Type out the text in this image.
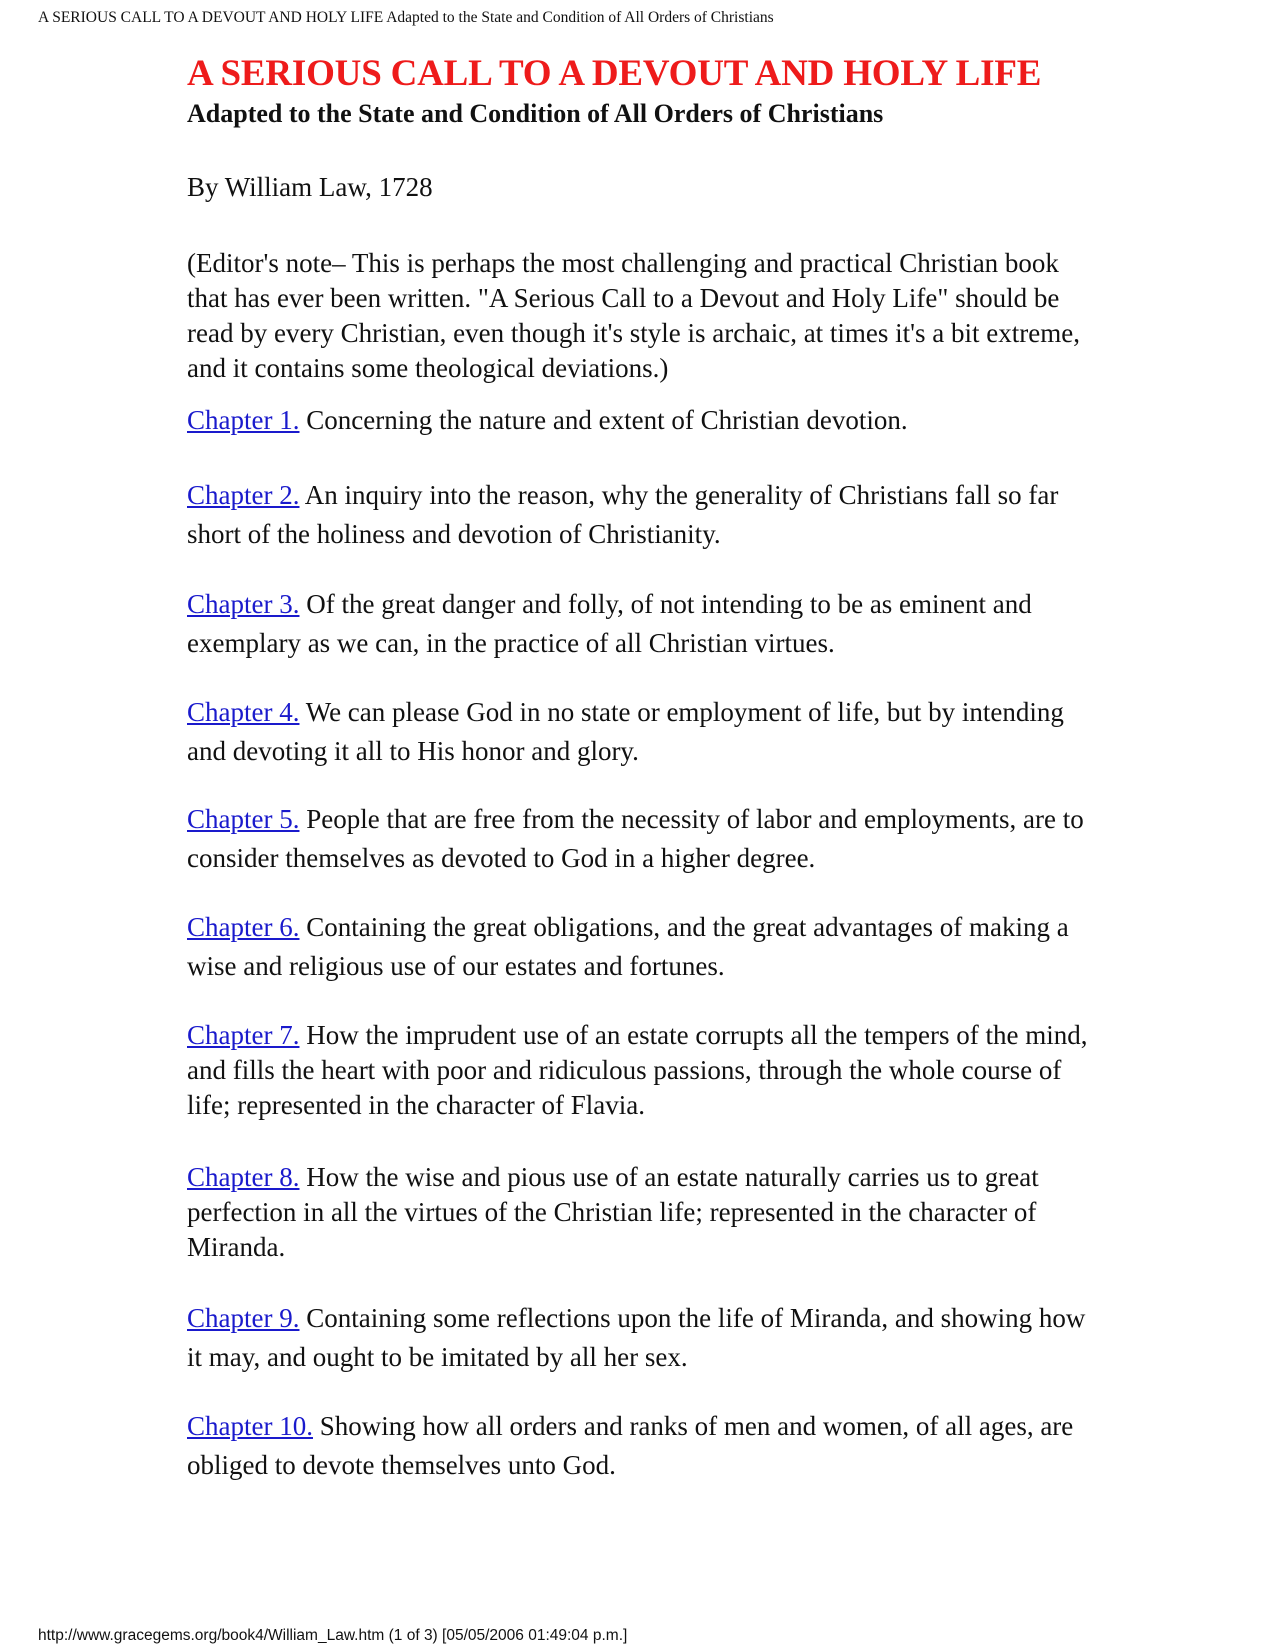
A SERIOUS CALL TO A DEVOUT AND HOLY LIFE Adapted to the State and Condition of All Orders of Christians
A SERIOUS CALL TO A DEVOUT AND HOLY LIFE
Adapted to the State and Condition of All Orders of Christians
By William Law, 1728
(Editor's note– This is perhaps the most challenging and practical Christian book that has ever been written. "A Serious Call to a Devout and Holy Life" should be read by every Christian, even though it's style is archaic, at times it's a bit extreme, and it contains some theological deviations.)
Chapter 1. Concerning the nature and extent of Christian devotion.
Chapter 2. An inquiry into the reason, why the generality of Christians fall so far short of the holiness and devotion of Christianity.
Chapter 3. Of the great danger and folly, of not intending to be as eminent and exemplary as we can, in the practice of all Christian virtues.
Chapter 4. We can please God in no state or employment of life, but by intending and devoting it all to His honor and glory.
Chapter 5. People that are free from the necessity of labor and employments, are to consider themselves as devoted to God in a higher degree.
Chapter 6. Containing the great obligations, and the great advantages of making a wise and religious use of our estates and fortunes.
Chapter 7. How the imprudent use of an estate corrupts all the tempers of the mind, and fills the heart with poor and ridiculous passions, through the whole course of life; represented in the character of Flavia.
Chapter 8. How the wise and pious use of an estate naturally carries us to great perfection in all the virtues of the Christian life; represented in the character of Miranda.
Chapter 9. Containing some reflections upon the life of Miranda, and showing how it may, and ought to be imitated by all her sex.
Chapter 10. Showing how all orders and ranks of men and women, of all ages, are obliged to devote themselves unto God.
http://www.gracegems.org/book4/William_Law.htm (1 of 3) [05/05/2006 01:49:04 p.m.]
